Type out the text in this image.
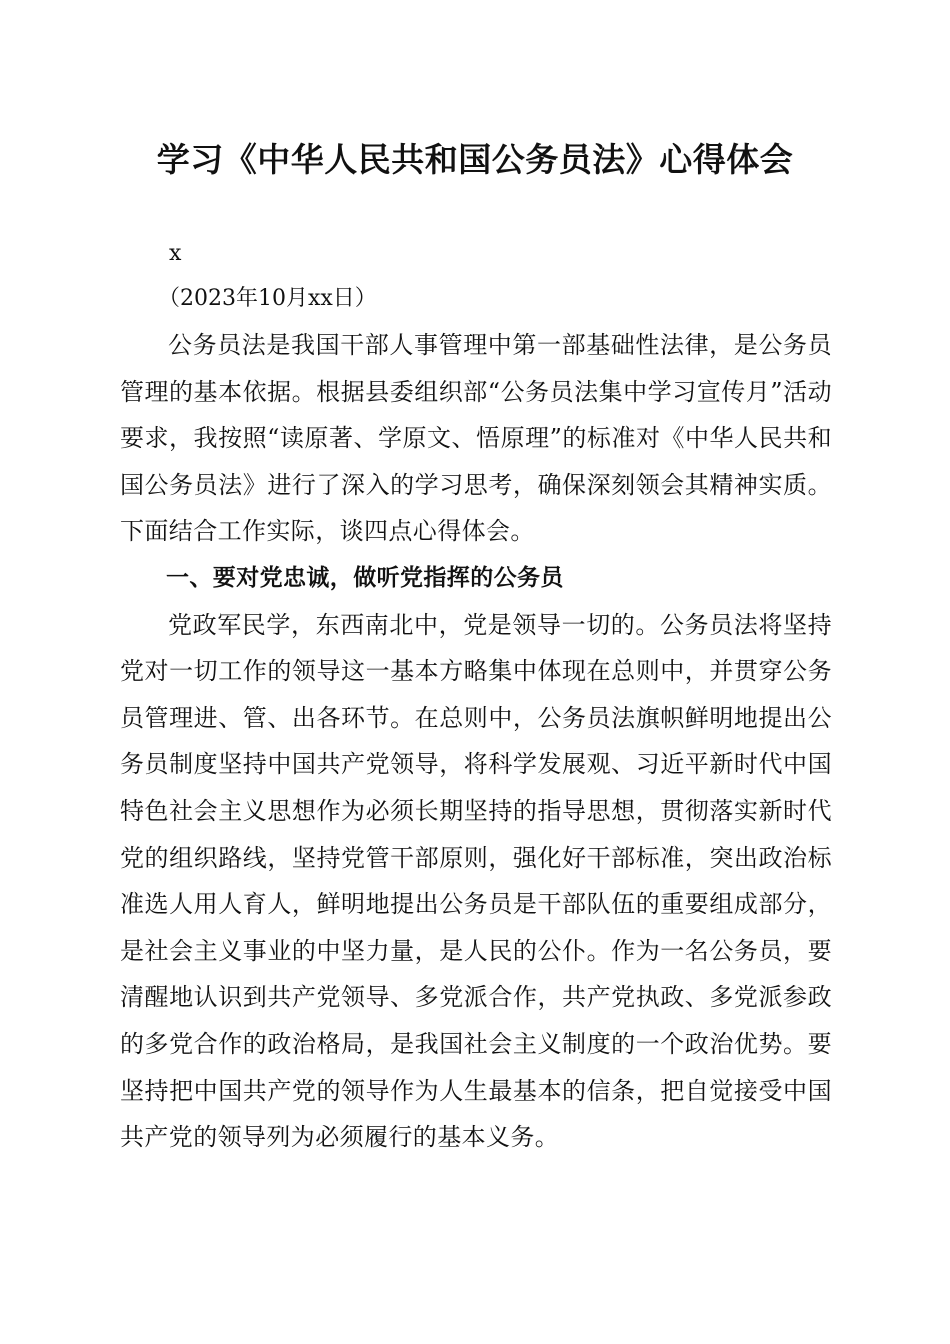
学习《中华人民共和国公务员法》心得体会
x
（2023年10月xx日）

公务员法是我国干部人事管理中第一部基础性法律，是公务员管理的基本依据。根据县委组织部“公务员法集中学习宣传月”活动要求，我按照“读原著、学原文、悟原理”的标准对《中华人民共和国公务员法》进行了深入的学习思考，确保深刻领会其精神实质。下面结合工作实际，谈四点心得体会。

一、要对党忠诚，做听党指挥的公务员

党政军民学，东西南北中，党是领导一切的。公务员法将坚持党对一切工作的领导这一基本方略集中体现在总则中，并贯穿公务员管理进、管、出各环节。在总则中，公务员法旗帜鲜明地提出公务员制度坚持中国共产党领导，将科学发展观、习近平新时代中国特色社会主义思想作为必须长期坚持的指导思想，贯彻落实新时代党的组织路线，坚持党管干部原则，强化好干部标准，突出政治标准选人用人育人，鲜明地提出公务员是干部队伍的重要组成部分，是社会主义事业的中坚力量，是人民的公仆。作为一名公务员，要清醒地认识到共产党领导、多党派合作，共产党执政、多党派参政的多党合作的政治格局，是我国社会主义制度的一个政治优势。要坚持把中国共产党的领导作为人生最基本的信条，把自觉接受中国共产党的领导列为必须履行的基本义务。
